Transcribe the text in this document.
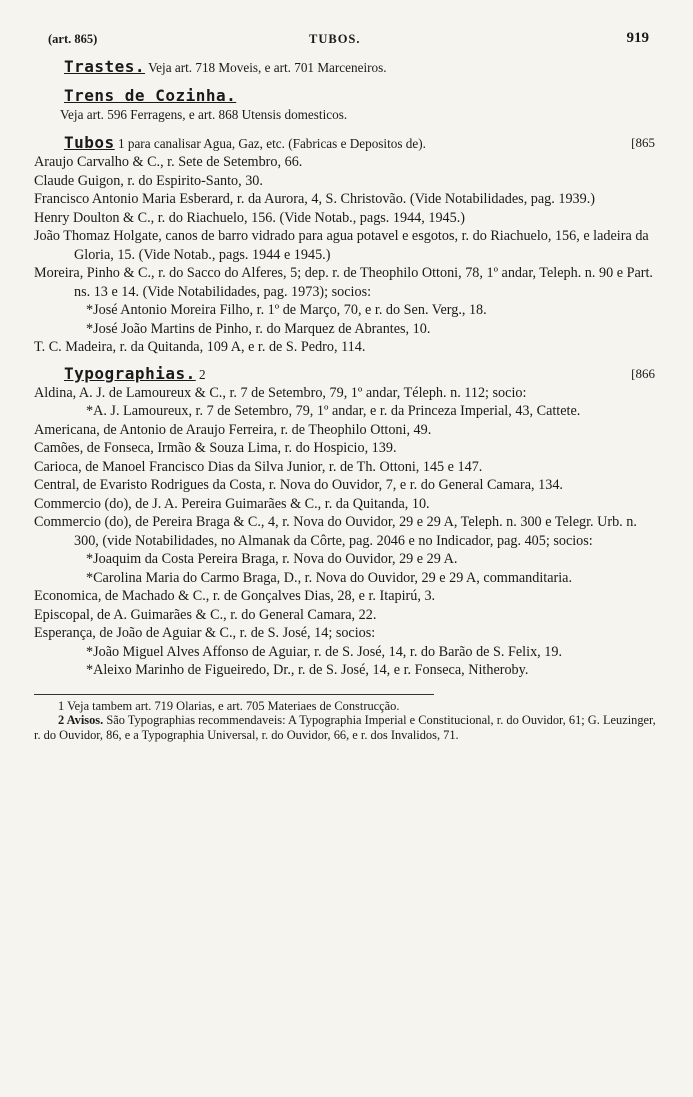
(art. 865)	TUBOS.	919
Trastes. Veja art. 718 Moveis, e art. 701 Marceneiros.
Trens de Cozinha.
Veja art. 596 Ferragens, e art. 868 Utensis domesticos.
Tubos 1 para canalisar Agua, Gaz, etc. (Fabricas e Depositos de).	[865

Araujo Carvalho & C., r. Sete de Setembro, 66.

Claude Guigon, r. do Espirito-Santo, 30.

Francisco Antonio Maria Esberard, r. da Aurora, 4, S. Christovão. (Vide Notabilidades, pag. 1939.)

Henry Doulton & C., r. do Riachuelo, 156. (Vide Notab., pags. 1944, 1945.)

João Thomaz Holgate, canos de barro vidrado para agua potavel e esgotos, r. do Riachuelo, 156, e ladeira da Gloria, 15. (Vide Notab., pags. 1944 e 1945.)

Moreira, Pinho & C., r. do Sacco do Alferes, 5; dep. r. de Theophilo Ottoni, 78, 1º andar, Teleph. n. 90 e Part. ns. 13 e 14. (Vide Notabilidades, pag. 1973); socios:

*José Antonio Moreira Filho, r. 1º de Março, 70, e r. do Sen. Verg., 18.

*José João Martins de Pinho, r. do Marquez de Abrantes, 10.

T. C. Madeira, r. da Quitanda, 109 A, e r. de S. Pedro, 114.

Typographias. 2	[866

Aldina, A. J. de Lamoureux & C., r. 7 de Setembro, 79, 1º andar, Téleph. n. 112; socio:

*A. J. Lamoureux, r. 7 de Setembro, 79, 1º andar, e r. da Princeza Imperial, 43, Cattete.

Americana, de Antonio de Araujo Ferreira, r. de Theophilo Ottoni, 49.

Camões, de Fonseca, Irmão & Souza Lima, r. do Hospicio, 139.

Carioca, de Manoel Francisco Dias da Silva Junior, r. de Th. Ottoni, 145 e 147.

Central, de Evaristo Rodrigues da Costa, r. Nova do Ouvidor, 7, e r. do General Camara, 134.

Commercio (do), de J. A. Pereira Guimarães & C., r. da Quitanda, 10.

Commercio (do), de Pereira Braga & C., 4, r. Nova do Ouvidor, 29 e 29 A, Teleph. n. 300 e Telegr. Urb. n. 300, (vide Notabilidades, no Almanak da Côrte, pag. 2046 e no Indicador, pag. 405; socios:

*Joaquim da Costa Pereira Braga, r. Nova do Ouvidor, 29 e 29 A.

*Carolina Maria do Carmo Braga, D., r. Nova do Ouvidor, 29 e 29 A, commanditaria.

Economica, de Machado & C., r. de Gonçalves Dias, 28, e r. Itapirú, 3.

Episcopal, de A. Guimarães & C., r. do General Camara, 22.

Esperança, de João de Aguiar & C., r. de S. José, 14; socios:

*João Miguel Alves Affonso de Aguiar, r. de S. José, 14, r. do Barão de S. Felix, 19.

*Aleixo Marinho de Figueiredo, Dr., r. de S. José, 14, e r. Fonseca, Nitheroby.

1 Veja tambem art. 719 Olarias, e art. 705 Materiaes de Construcção.

2 Avisos. São Typographias recommendaveis: A Typographia Imperial e Constitucional, r. do Ouvidor, 61; G. Leuzinger, r. do Ouvidor, 86, e a Typographia Universal, r. do Ouvidor, 66, e r. dos Invalidos, 71.
